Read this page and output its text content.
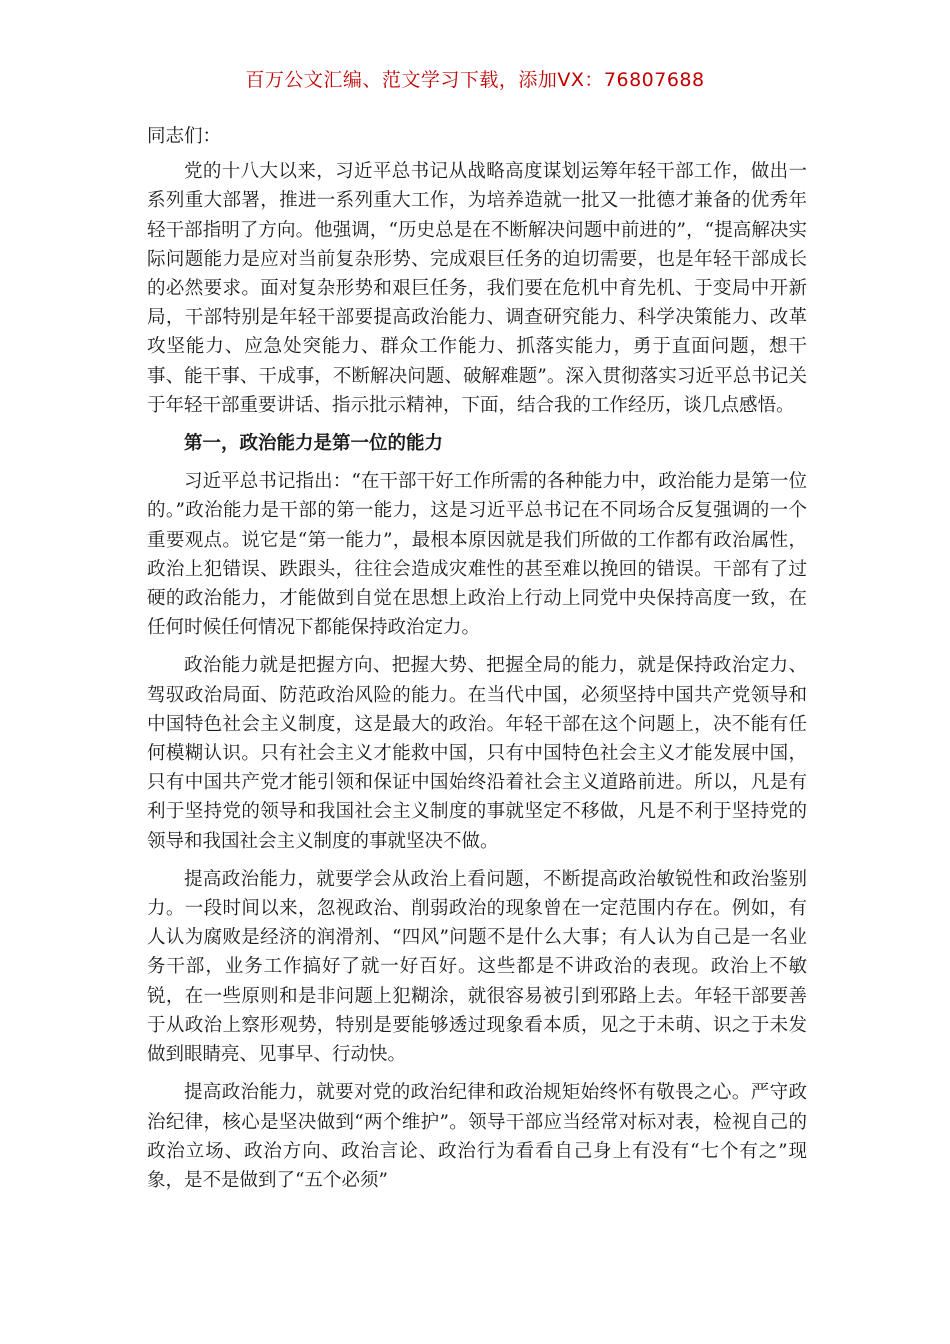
百万公文汇编、范文学习下载，添加VX：76807688

同志们：

党的十八大以来，习近平总书记从战略高度谋划运筹年轻干部工作，做出一系列重大部署，推进一系列重大工作，为培养造就一批又一批德才兼备的优秀年轻干部指明了方向。他强调，“历史总是在不断解决问题中前进的”，“提高解决实际问题能力是应对当前复杂形势、完成艰巨任务的迫切需要，也是年轻干部成长的必然要求。面对复杂形势和艰巨任务，我们要在危机中育先机、于变局中开新局，干部特别是年轻干部要提高政治能力、调查研究能力、科学决策能力、改革攻坚能力、应急处突能力、群众工作能力、抓落实能力，勇于直面问题，想干事、能干事、干成事，不断解决问题、破解难题”。深入贯彻落实习近平总书记关于年轻干部重要讲话、指示批示精神，下面，结合我的工作经历，谈几点感悟。

第一，政治能力是第一位的能力

习近平总书记指出：“在干部干好工作所需的各种能力中，政治能力是第一位的。”政治能力是干部的第一能力，这是习近平总书记在不同场合反复强调的一个重要观点。说它是“第一能力”，最根本原因就是我们所做的工作都有政治属性，政治上犯错误、跌跟头，往往会造成灾难性的甚至难以挽回的错误。干部有了过硬的政治能力，才能做到自觉在思想上政治上行动上同党中央保持高度一致，在任何时候任何情况下都能保持政治定力。

政治能力就是把握方向、把握大势、把握全局的能力，就是保持政治定力、驾驭政治局面、防范政治风险的能力。在当代中国，必须坚持中国共产党领导和中国特色社会主义制度，这是最大的政治。年轻干部在这个问题上，决不能有任何模糊认识。只有社会主义才能救中国，只有中国特色社会主义才能发展中国，只有中国共产党才能引领和保证中国始终沿着社会主义道路前进。所以，凡是有利于坚持党的领导和我国社会主义制度的事就坚定不移做，凡是不利于坚持党的领导和我国社会主义制度的事就坚决不做。

提高政治能力，就要学会从政治上看问题，不断提高政治敏锐性和政治鉴别力。一段时间以来，忽视政治、削弱政治的现象曾在一定范围内存在。例如，有人认为腐败是经济的润滑剂、“四风”问题不是什么大事；有人认为自己是一名业务干部，业务工作搞好了就一好百好。这些都是不讲政治的表现。政治上不敏锐，在一些原则和是非问题上犯糊涂，就很容易被引到邪路上去。年轻干部要善于从政治上察形观势，特别是要能够透过现象看本质，见之于未萌、识之于未发做到眼睛亮、见事早、行动快。

提高政治能力，就要对党的政治纪律和政治规矩始终怀有敬畏之心。严守政治纪律，核心是坚决做到“两个维护”。领导干部应当经常对标对表，检视自己的政治立场、政治方向、政治言论、政治行为看看自己身上有没有“七个有之”现象，是不是做到了“五个必须”
